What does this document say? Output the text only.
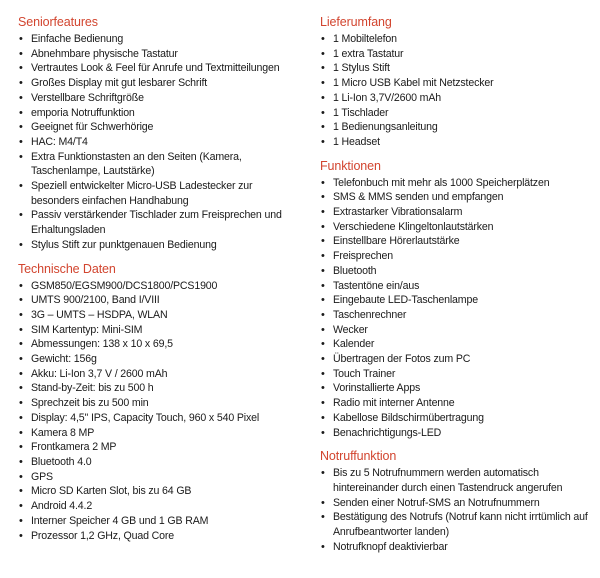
Seniorfeatures
• Einfache Bedienung
• Abnehmbare physische Tastatur
• Vertrautes Look & Feel für Anrufe und Textmitteilungen
• Großes Display mit gut lesbarer Schrift
• Verstellbare Schriftgröße
• emporia Notruffunktion
• Geeignet für Schwerhörige
• HAC: M4/T4
• Extra Funktionstasten an den Seiten (Kamera, Taschenlampe, Lautstärke)
• Speziell entwickelter Micro-USB Ladestecker zur besonders einfachen Handhabung
• Passiv verstärkender Tischlader zum Freisprechen und Erhaltungsladen
• Stylus Stift zur punktgenauen Bedienung
Technische Daten
• GSM850/EGSM900/DCS1800/PCS1900
• UMTS 900/2100, Band I/VIII
• 3G – UMTS – HSDPA, WLAN
• SIM Kartentyp: Mini-SIM
• Abmessungen: 138 x 10 x 69,5
• Gewicht: 156g
• Akku: Li-Ion 3,7 V / 2600 mAh
• Stand-by-Zeit: bis zu 500 h
• Sprechzeit bis zu 500 min
• Display: 4,5" IPS, Capacity Touch, 960 x 540 Pixel
• Kamera 8 MP
• Frontkamera 2 MP
• Bluetooth 4.0
• GPS
• Micro SD Karten Slot, bis zu 64 GB
• Android 4.4.2
• Interner Speicher 4 GB und 1 GB RAM
• Prozessor 1,2 GHz, Quad Core
Lieferumfang
• 1 Mobiltelefon
• 1 extra Tastatur
• 1 Stylus Stift
• 1 Micro USB Kabel mit Netzstecker
• 1 Li-Ion 3,7V/2600 mAh
• 1 Tischlader
• 1 Bedienungsanleitung
• 1 Headset
Funktionen
• Telefonbuch mit mehr als 1000 Speicherplätzen
• SMS & MMS senden und empfangen
• Extrastarker Vibrationsalarm
• Verschiedene Klingeltonlautstärken
• Einstellbare Hörerlautstärke
• Freisprechen
• Bluetooth
• Tastentöne ein/aus
• Eingebaute LED-Taschenlampe
• Taschenrechner
• Wecker
• Kalender
• Übertragen der Fotos zum PC
• Touch Trainer
• Vorinstallierte Apps
• Radio mit interner Antenne
• Kabellose Bildschirmübertragung
• Benachrichtigungs-LED
Notruffunktion
• Bis zu 5 Notrufnummern werden automatisch hintereinander durch einen Tastendruck angerufen
• Senden einer Notruf-SMS an Notrufnummern
• Bestätigung des Notrufs (Notruf kann nicht irrtümlich auf Anrufbeantworter landen)
• Notrufknopf deaktivierbar
